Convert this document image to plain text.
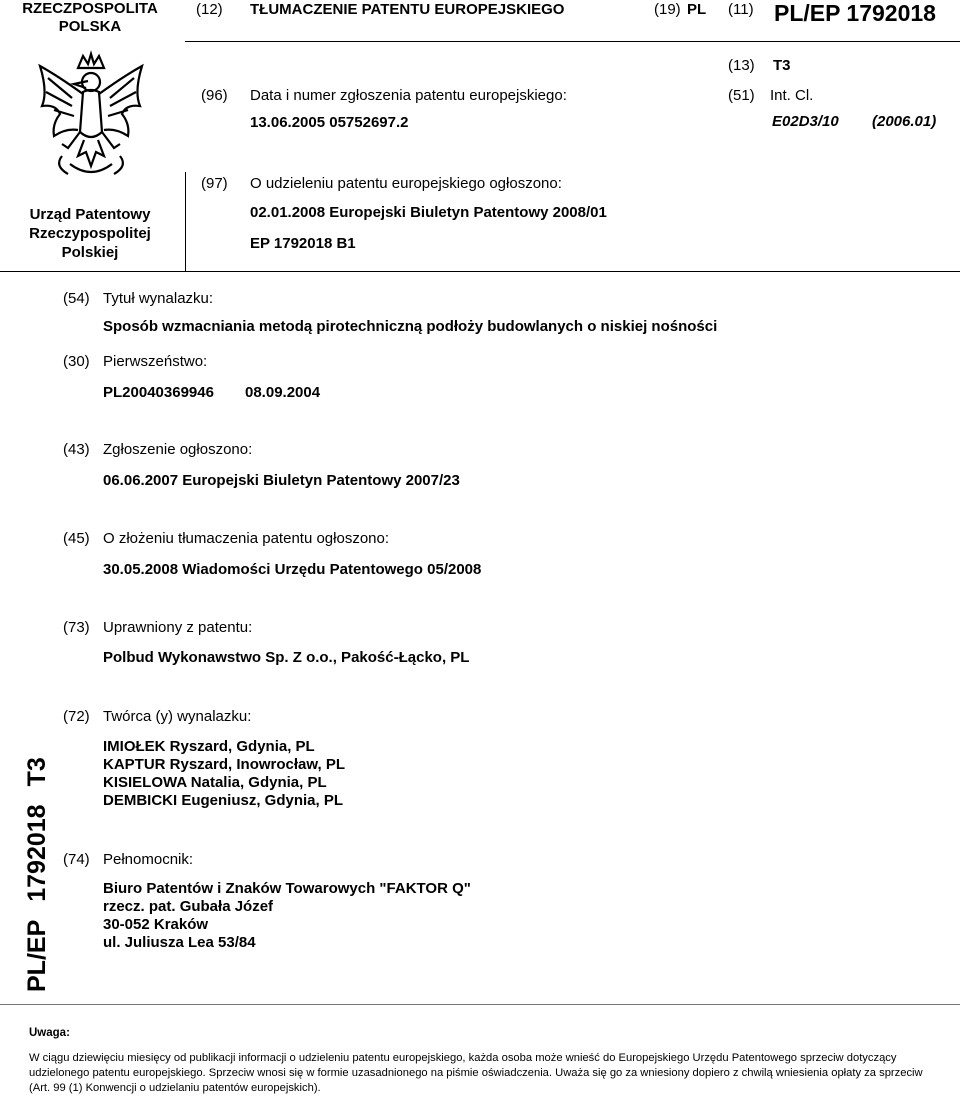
RZECZPOSPOLITA
POLSKA
(12) TŁUMACZENIE PATENTU EUROPEJSKIEGO	(19) PL (11) PL/EP 1792018
(13) T3
(96) Data i numer zgłoszenia patentu europejskiego:	(51) Int. Cl.
13.06.2005 05752697.2	E02D3/10 (2006.01)
(97) O udzieleniu patentu europejskiego ogłoszono:
Urząd Patentowy
Rzeczypospolitej
Polskiej
02.01.2008 Europejski Biuletyn Patentowy 2008/01
EP 1792018 B1
(54) Tytuł wynalazku:
Sposób wzmacniania metodą pirotechniczną podłoży budowlanych o niskiej nośności
(30) Pierwszeństwo:
PL20040369946 08.09.2004
(43) Zgłoszenie ogłoszono:
06.06.2007 Europejski Biuletyn Patentowy 2007/23
(45) O złożeniu tłumaczenia patentu ogłoszono:
30.05.2008 Wiadomości Urzędu Patentowego 05/2008
(73) Uprawniony z patentu:
Polbud Wykonawstwo Sp. Z o.o., Pakość-Łącko, PL
(72) Twórca (y) wynalazku:
IMIOŁEK Ryszard, Gdynia, PL
KAPTUR Ryszard, Inowrocław, PL
KISIELOWA Natalia, Gdynia, PL
DEMBICKI Eugeniusz, Gdynia, PL
(74) Pełnomocnik:
Biuro Patentów i Znaków Towarowych "FAKTOR Q"
rzecz. pat. Gubała Józef
30-052 Kraków
ul. Juliusza Lea 53/84
PL/EP1792018T3
Uwaga:
W ciągu dziewięciu miesięcy od publikacji informacji o udzieleniu patentu europejskiego, każda osoba może wnieść do Europejskiego Urzędu Patentowego sprzeciw dotyczący udzielonego patentu europejskiego. Sprzeciw wnosi się w formie uzasadnionego na piśmie oświadczenia. Uważa się go za wniesiony dopiero z chwilą wniesienia opłaty za sprzeciw (Art. 99 (1) Konwencji o udzielaniu patentów europejskich).
